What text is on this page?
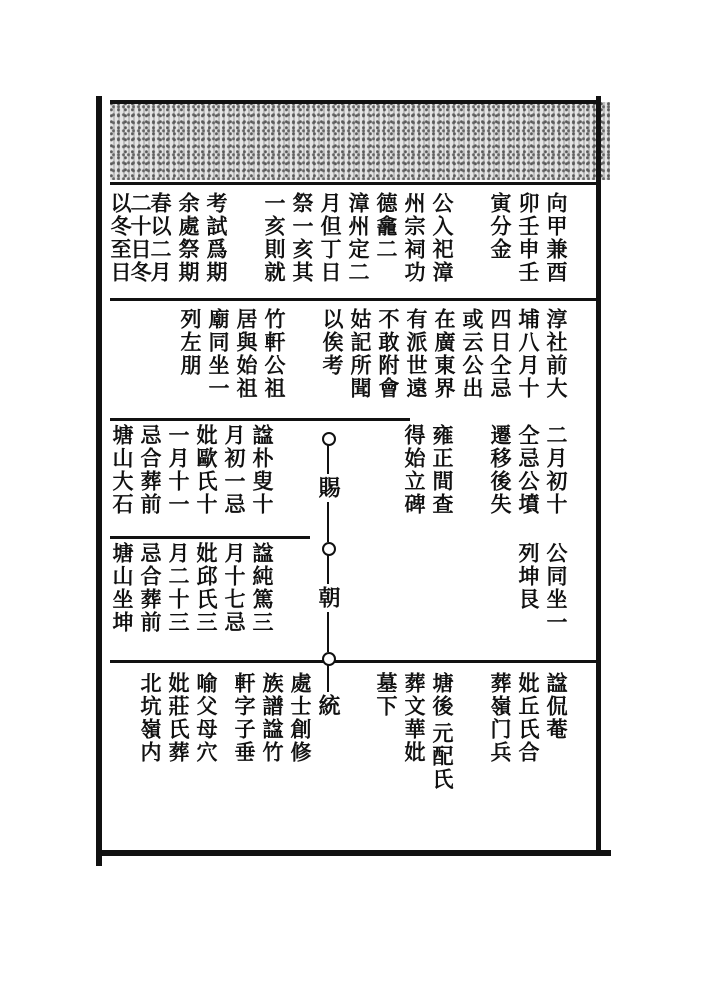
向甲兼酉
卯壬申壬
寅分金
公入祀漳
州宗祠功
德龕二
漳州定二
月但丁日
祭一亥其
一亥則就
考試爲期
余處祭期
春以二月
二十日冬
以冬至日
淳社前大
埔八月十
四日仝忌
或云公出
在廣東界
有派世遠
不敢附會
姑記所聞
以俟考
竹軒公祖
居與始祖
廟同坐一
列左朋
二月初十
仝忌公墳
遷移後失
雍正間查
得始立碑
諡朴叟十
月初一忌
妣歐氏十
一月十一
忌合葬前
塘山大石
公同坐一
列坤艮
諡純篤三
月十七忌
妣邱氏三
月二十三
忌合葬前
塘山坐坤
賜
朝
統	諡侃菴
妣丘氏合
葬嶺门兵
塘後
元配氏
葬文華妣
墓下
處士創修
族譜諡竹
軒字子垂
喻父母穴
妣莊氏葬
北坑嶺内
